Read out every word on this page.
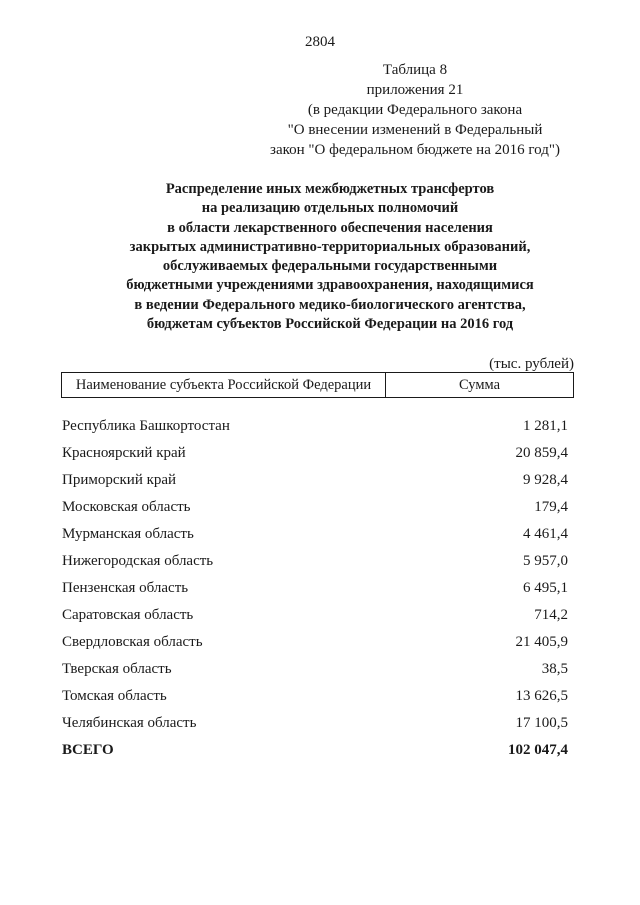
2804
Таблица 8
приложения 21
(в редакции Федерального закона
"О внесении изменений в Федеральный
закон "О федеральном бюджете на 2016 год")
Распределение иных межбюджетных трансфертов
на реализацию отдельных полномочий
в области лекарственного обеспечения населения
закрытых административно-территориальных образований,
обслуживаемых федеральными государственными
бюджетными учреждениями здравоохранения, находящимися
в ведении Федерального медико-биологического агентства,
бюджетам субъектов Российской Федерации на 2016 год
(тыс. рублей)
Наименование субъекта Российской Федерации	Сумма
Республика Башкортостан	1 281,1
Красноярский край	20 859,4
Приморский край	9 928,4
Московская область	179,4
Мурманская область	4 461,4
Нижегородская область	5 957,0
Пензенская область	6 495,1
Саратовская область	714,2
Свердловская область	21 405,9
Тверская область	38,5
Томская область	13 626,5
Челябинская область	17 100,5
ВСЕГО	102 047,4
